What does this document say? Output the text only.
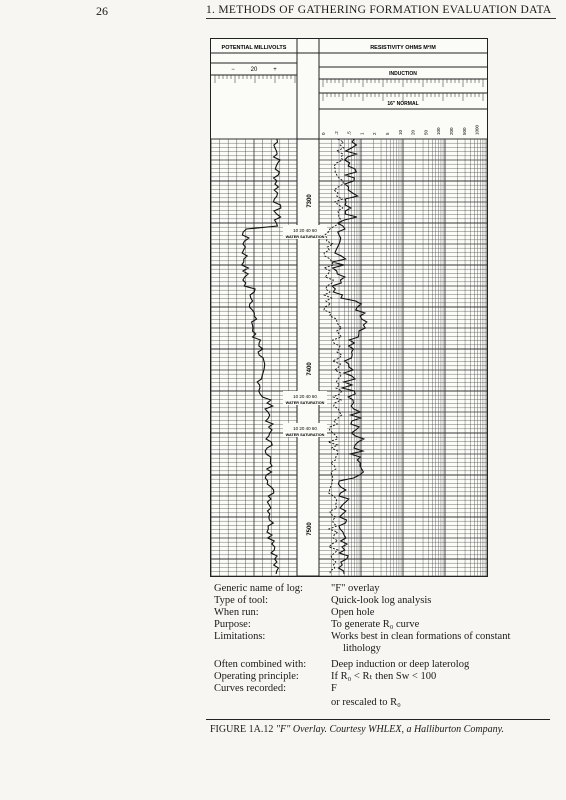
26	1. METHODS OF GATHERING FORMATION EVALUATION DATA
POTENTIAL MILLIVOLTS
−	20	+
RESISTIVITY OHMS M²/M
INDUCTION
16" NORMAL
0 .2 .5 1 2 5 10 20 50 100 200 500 1000
7300
7400
7500
10 20 40 60
WATER SATURATION
10 20 40 60
WATER SATURATION
10 20 40 60
WATER SATURATION
Generic name of log:	"F" overlay
Type of tool:	Quick-look log analysis
When run:	Open hole
Purpose:	To generate R₀ curve
Limitations:	Works best in clean formations of constant
lithology
Often combined with: Deep induction or deep laterolog
Operating principle:	If R₀ < Rₜ then Sw < 100
Curves recorded:	F
or rescaled to R₀
FIGURE 1A.12 "F" Overlay. Courtesy WHLEX, a Halliburton Company.
